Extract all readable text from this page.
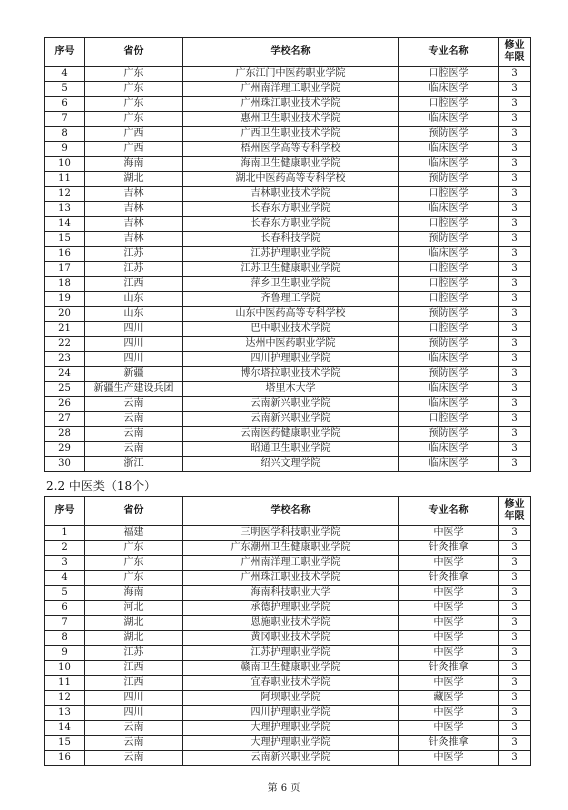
序号	省份	学校名称	专业名称	修业
年限
4	广东	广东江门中医药职业学院	口腔医学	3
5	广东	广州南洋理工职业学院	临床医学	3
6	广东	广州珠江职业技术学院	口腔医学	3
7	广东	惠州卫生职业技术学院	临床医学	3
8	广西	广西卫生职业技术学院	预防医学	3
9	广西	梧州医学高等专科学校	临床医学	3
10	海南	海南卫生健康职业学院	临床医学	3
11	湖北	湖北中医药高等专科学校	预防医学	3
12	吉林	吉林职业技术学院	口腔医学	3
13	吉林	长春东方职业学院	临床医学	3
14	吉林	长春东方职业学院	口腔医学	3
15	吉林	长春科技学院	预防医学	3
16	江苏	江苏护理职业学院	临床医学	3
17	江苏	江苏卫生健康职业学院	口腔医学	3
18	江西	萍乡卫生职业学院	口腔医学	3
19	山东	齐鲁理工学院	口腔医学	3
20	山东	山东中医药高等专科学校	预防医学	3
21	四川	巴中职业技术学院	口腔医学	3
22	四川	达州中医药职业学院	预防医学	3
23	四川	四川护理职业学院	临床医学	3
24	新疆	博尔塔拉职业技术学院	预防医学	3
25	新疆生产建设兵团	塔里木大学	临床医学	3
26	云南	云南新兴职业学院	临床医学	3
27	云南	云南新兴职业学院	口腔医学	3
28	云南	云南医药健康职业学院	预防医学	3
29	云南	昭通卫生职业学院	临床医学	3
30	浙江	绍兴文理学院	临床医学	3
2.2 中医类（18个）
序号	省份	学校名称	专业名称	修业
年限
1	福建	三明医学科技职业学院	中医学	3
2	广东	广东潮州卫生健康职业学院	针灸推拿	3
3	广东	广州南洋理工职业学院	中医学	3
4	广东	广州珠江职业技术学院	针灸推拿	3
5	海南	海南科技职业大学	中医学	3
6	河北	承德护理职业学院	中医学	3
7	湖北	恩施职业技术学院	中医学	3
8	湖北	黄冈职业技术学院	中医学	3
9	江苏	江苏护理职业学院	中医学	3
10	江西	赣南卫生健康职业学院	针灸推拿	3
11	江西	宜春职业技术学院	中医学	3
12	四川	阿坝职业学院	藏医学	3
13	四川	四川护理职业学院	中医学	3
14	云南	大理护理职业学院	中医学	3
15	云南	大理护理职业学院	针灸推拿	3
16	云南	云南新兴职业学院	中医学	3
第 6 页
